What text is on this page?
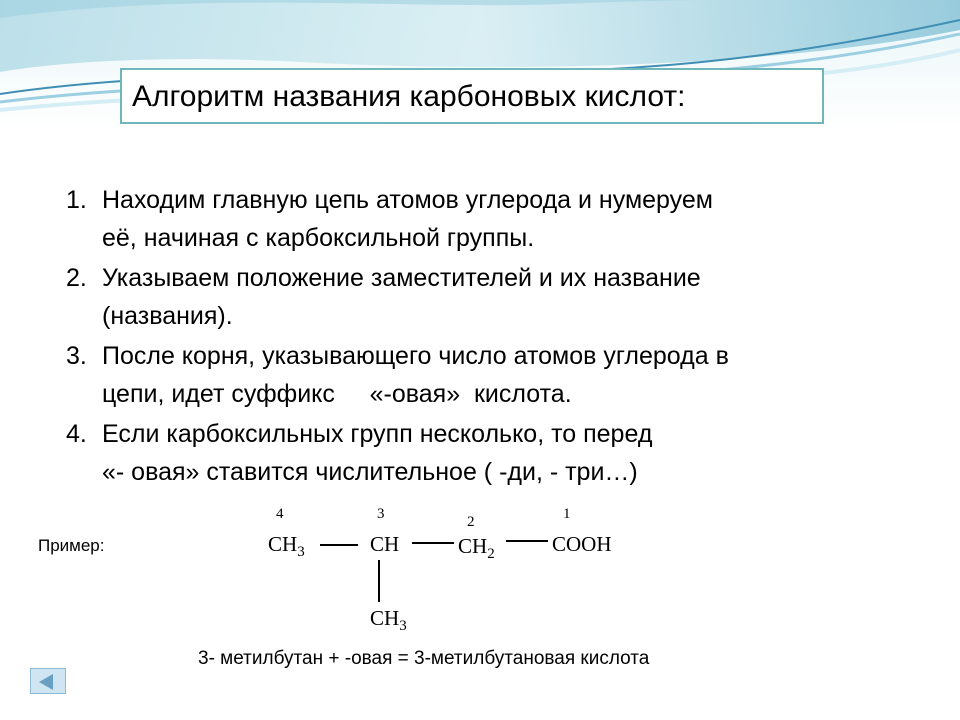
Алгоритм названия карбоновых кислот:
1. Находим главную цепь атомов углерода и нумеруем
её, начиная с карбоксильной группы.
2. Указываем положение заместителей и их название
(названия).
3. После корня, указывающего число атомов углерода в
цепи, идет суффикс     «-овая»  кислота.
4. Если карбоксильных групп несколько, то перед
«- овая» ставится числительное ( -ди, - три…)
Пример:
4	3	2	1
$CH_3$	CH	$CH_2$	COOH
$CH_3$
3- метилбутан + -овая = 3-метилбутановая кислота
